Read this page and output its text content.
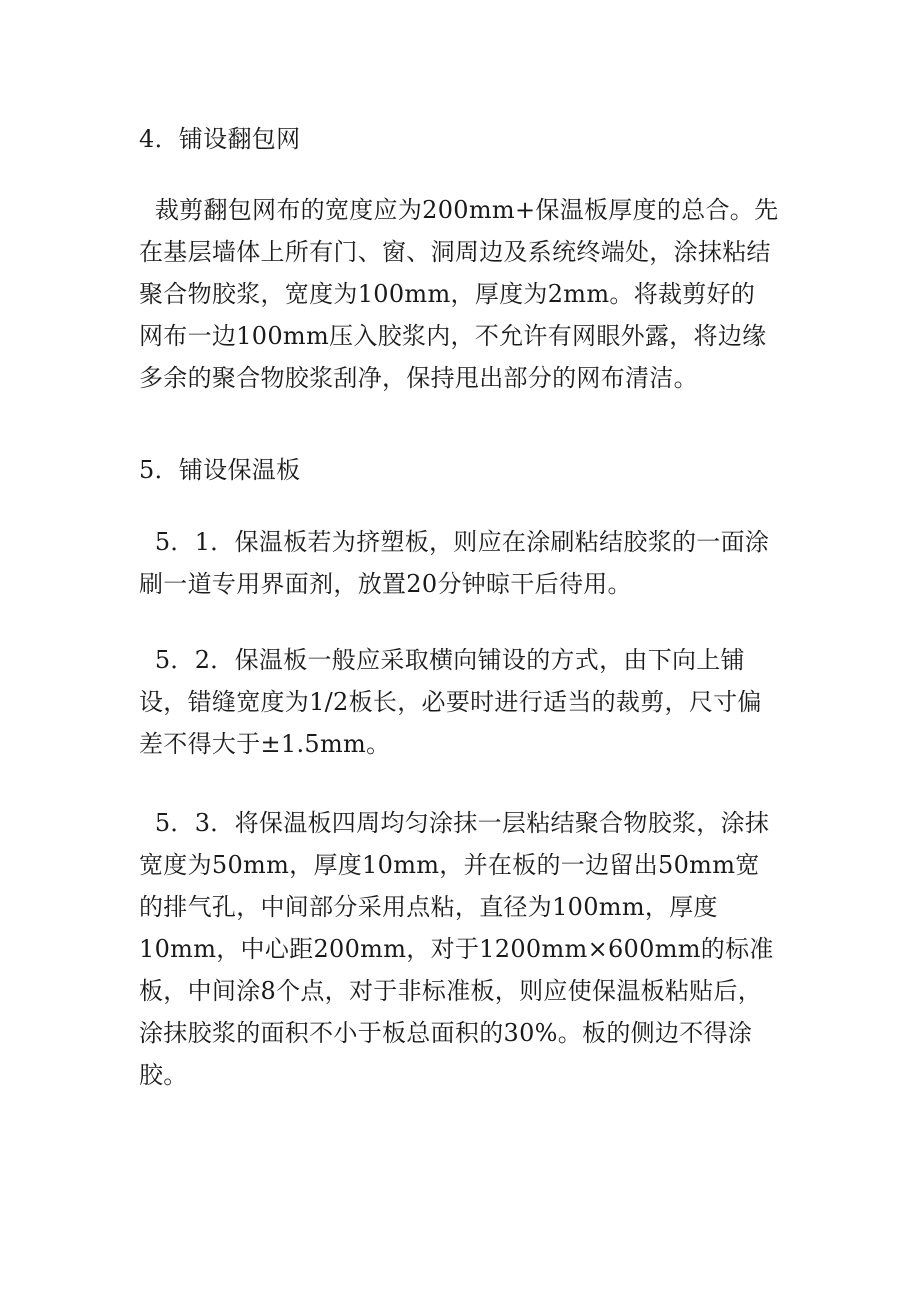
4．铺设翻包网

裁剪翻包网布的宽度应为200mm+保温板厚度的总合。先在基层墙体上所有门、窗、洞周边及系统终端处，涂抹粘结聚合物胶浆，宽度为100mm，厚度为2mm。将裁剪好的网布一边100mm压入胶浆内，不允许有网眼外露，将边缘多余的聚合物胶浆刮净，保持甩出部分的网布清洁。

5．铺设保温板

5．1．保温板若为挤塑板，则应在涂刷粘结胶浆的一面涂刷一道专用界面剂，放置20分钟晾干后待用。

5．2．保温板一般应采取横向铺设的方式，由下向上铺设，错缝宽度为1/2板长，必要时进行适当的裁剪，尺寸偏差不得大于±1.5mm。

5．3．将保温板四周均匀涂抹一层粘结聚合物胶浆，涂抹宽度为50mm，厚度10mm，并在板的一边留出50mm宽的排气孔，中间部分采用点粘，直径为100mm，厚度10mm，中心距200mm，对于1200mm×600mm的标准板，中间涂8个点，对于非标准板，则应使保温板粘贴后，涂抹胶浆的面积不小于板总面积的30%。板的侧边不得涂胶。
